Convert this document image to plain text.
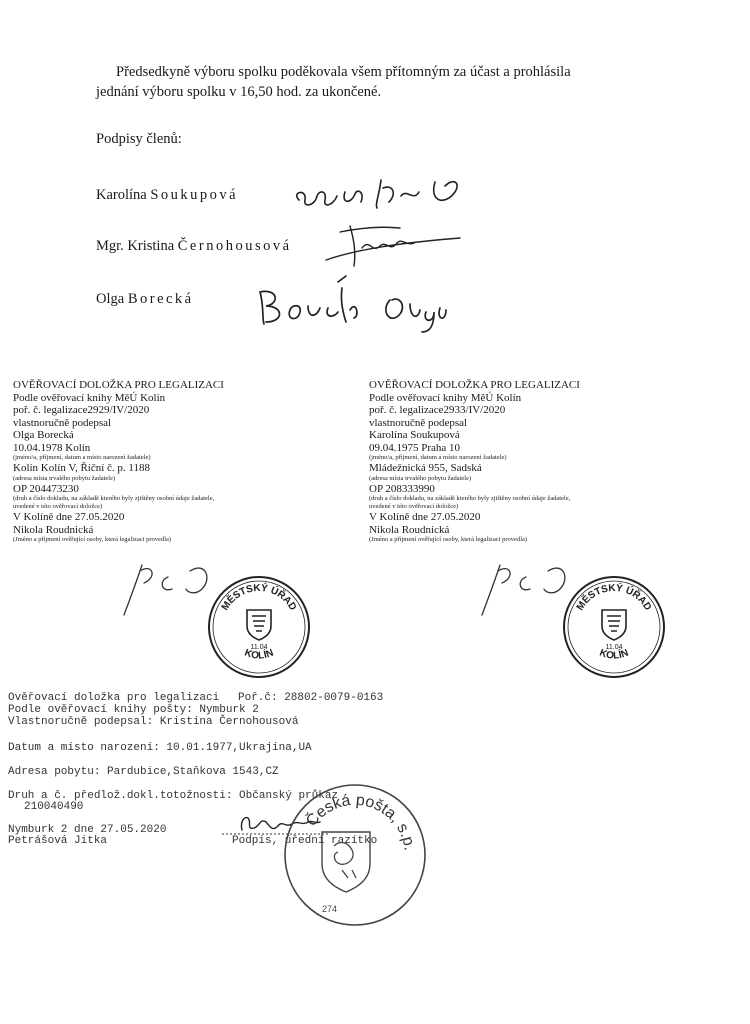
Předsedkyně výboru spolku poděkovala všem přítomným za účast a prohlásila
jednání výboru spolku v 16,50 hod. za ukončené.
Podpisy členů:
Karolína Soukupová
Mgr. Kristina Černohousová
Olga Borecká
OVĚŘOVACÍ DOLOŽKA PRO LEGALIZACI
Podle ověřovací knihy MěÚ Kolín
poř. č. legalizace2929/IV/2020
vlastnoručně podepsal
Olga Borecká
10.04.1978 Kolín
(jméno/a, příjmení, datum a místo narození žadatele)
Kolín Kolín V, Říční č. p. 1188
(adresa místa trvalého pobytu žadatele)
OP 204473230
(druh a číslo dokladu, na základě kterého byly zjištěny osobní údaje žadatele,
uvedené v této ověřovací doložce)
V Kolíně dne 27.05.2020
Nikola Roudnická
(Jméno a příjmení ověřující osoby, která legalizaci provedla)
OVĚŘOVACÍ DOLOŽKA PRO LEGALIZACI
Podle ověřovací knihy MěÚ Kolín
poř. č. legalizace2933/IV/2020
vlastnoručně podepsal
Karolína Soukupová
09.04.1975 Praha 10
(jméno/a, příjmení, datum a místo narození žadatele)
Mládežnická 955, Sadská
(adresa místa trvalého pobytu žadatele)
OP 208333990
(druh a číslo dokladu, na základě kterého byly zjištěny osobní údaje žadatele,
uvedené v této ověřovací doložce)
V Kolíně dne 27.05.2020
Nikola Roudnická
(Jméno a příjmení ověřující osoby, která legalizaci provedla)
MĚSTSKÝ ÚŘAD
11.04
KOLÍN
MĚSTSKÝ ÚŘAD
11.04
KOLÍN
Ověřovací doložka pro legalizaci Poř.č: 28802-0079-0163
Podle ověřovací knihy pošty: Nymburk 2
Vlastnoručně podepsal: Kristina Černohousová
Datum a místo narození: 10.01.1977,Ukrajina,UA
Adresa pobytu: Pardubice,Staňkova 1543,CZ
Druh a č. předlož.dokl.totožnosti: Občanský průkaz
210040490
Nymburk 2 dne 27.05.2020
Petrášová Jitka	Podpis, úřední razítko
Česká pošta, s.p.
274
